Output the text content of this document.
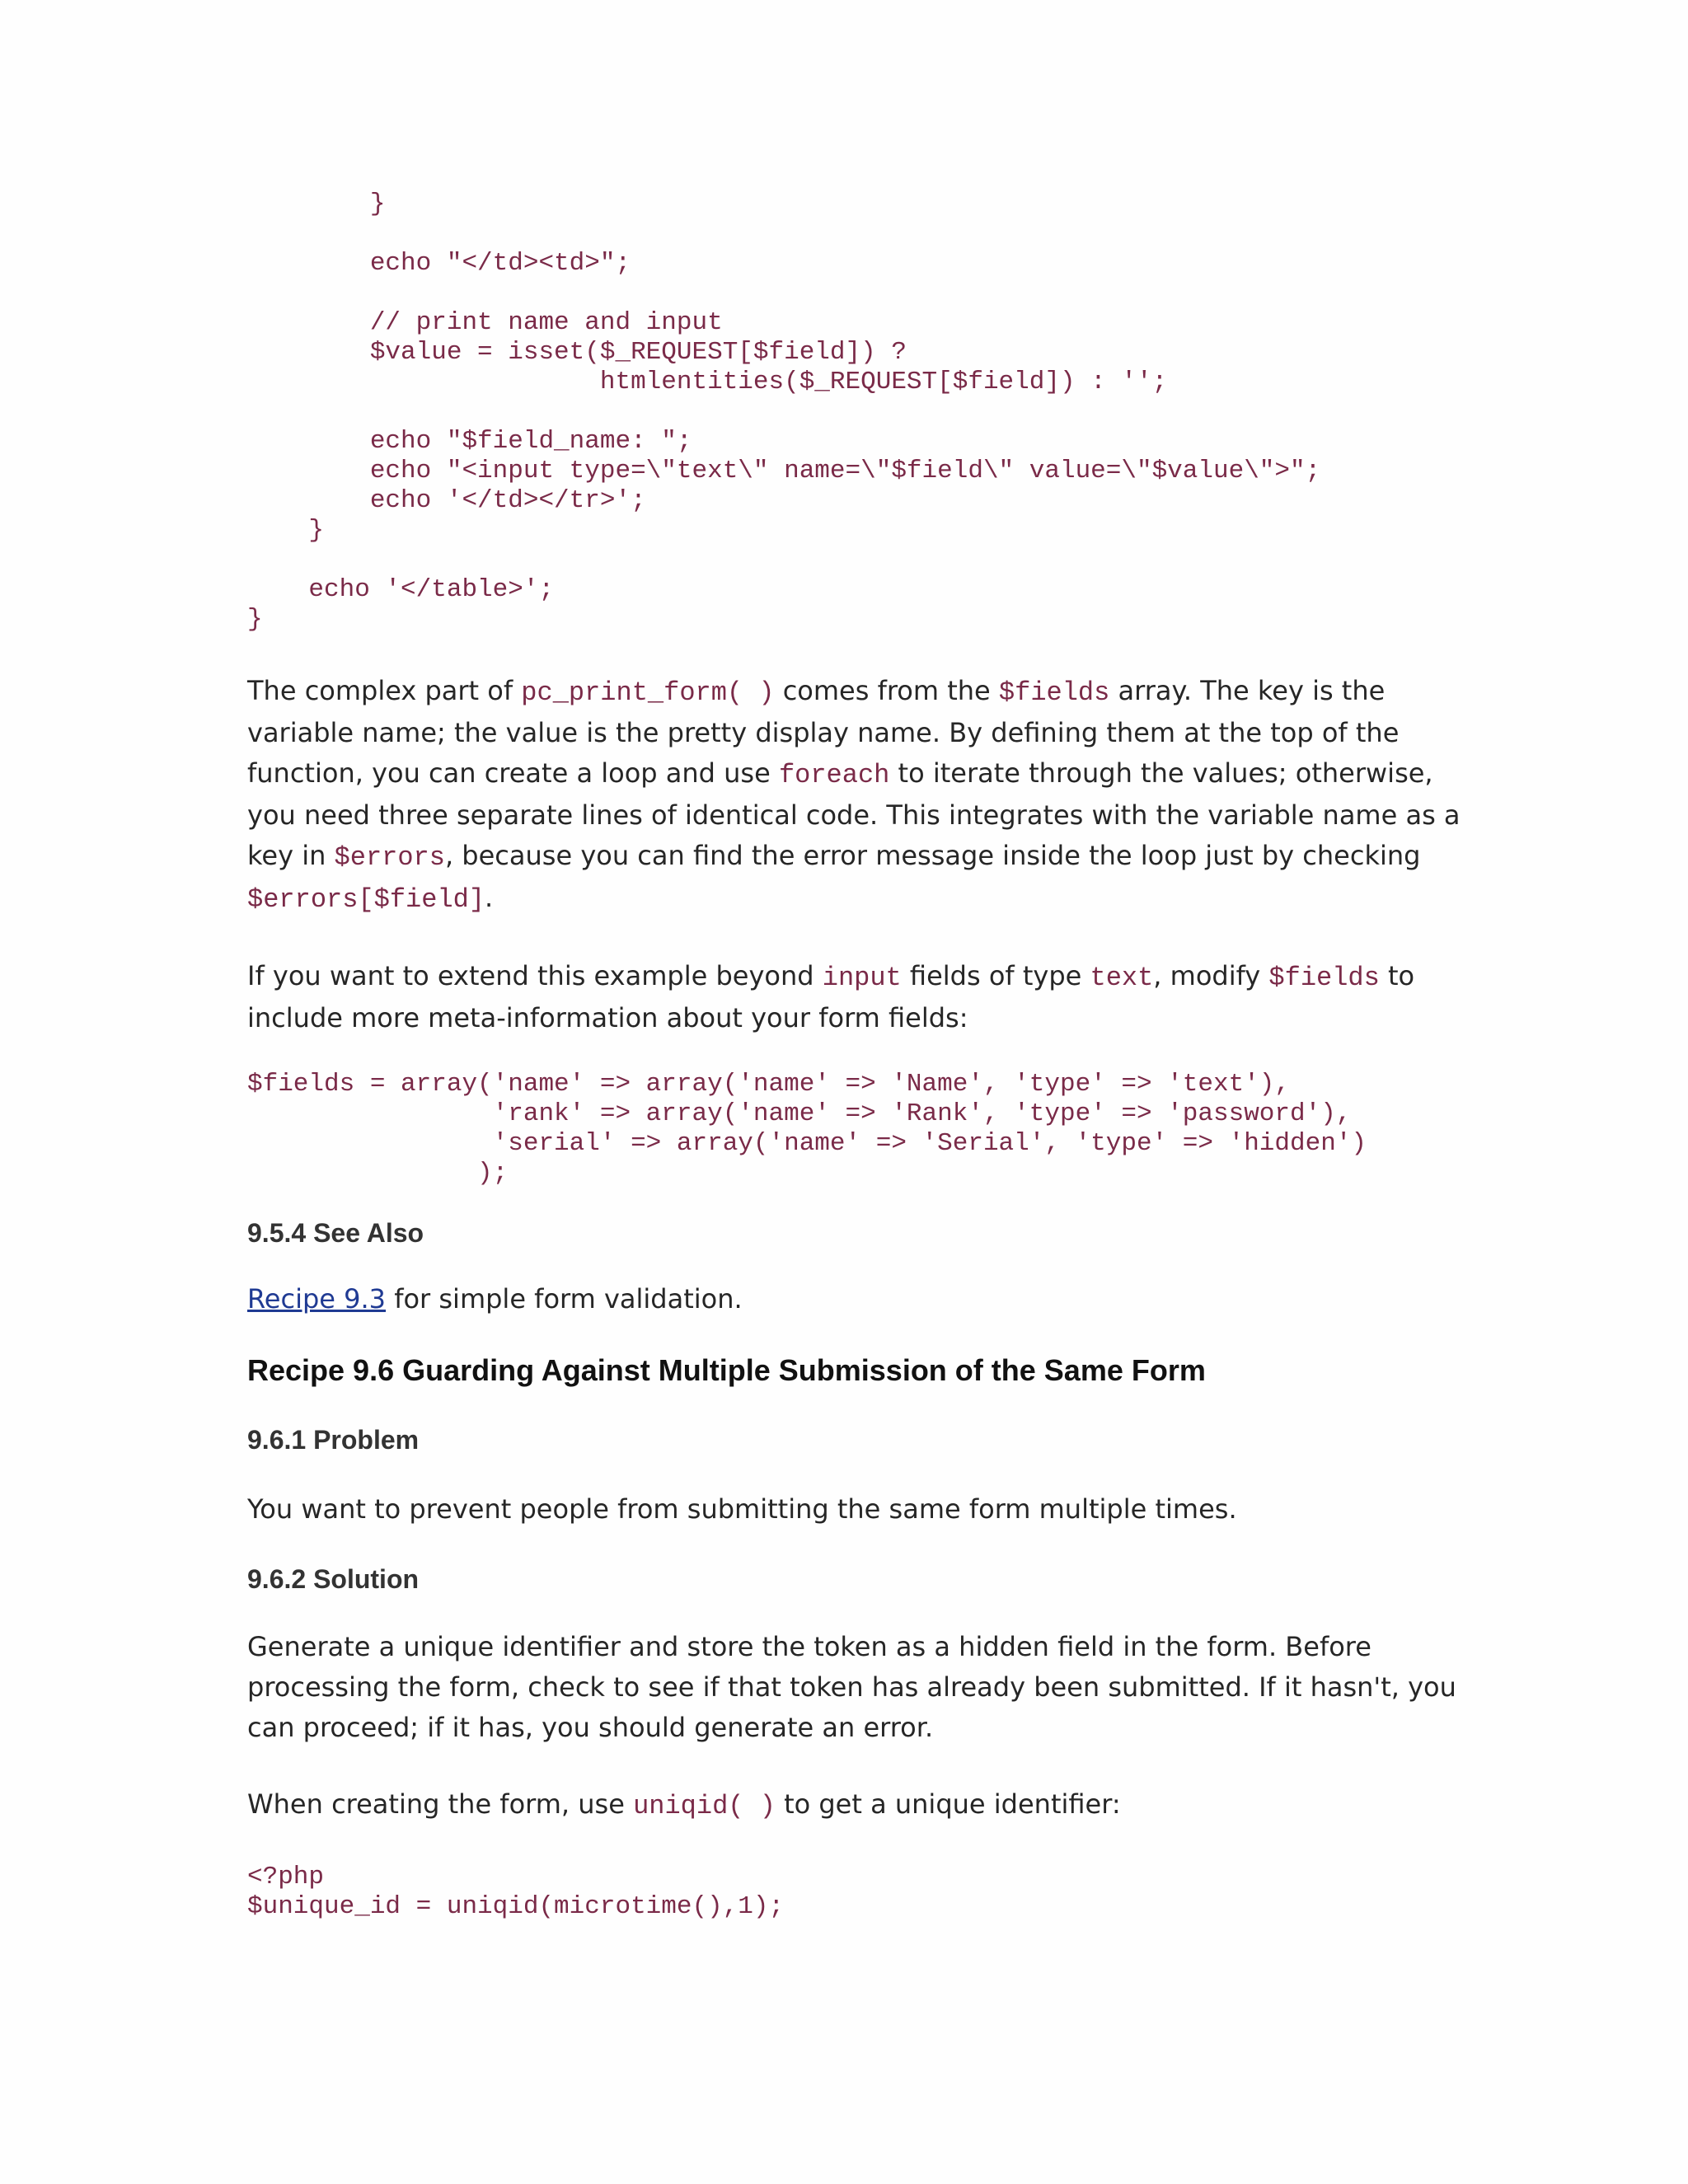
}

echo "</td><td>";

// print name and input
$value = isset($_REQUEST[$field]) ?
htmlentities($_REQUEST[$field]) : '';

echo "$field_name: ";
echo "<input type=\"text\" name=\"$field\" value=\"$value\">";
echo '</td></tr>';
}

echo '</table>';
}

The complex part of pc_print_form( ) comes from the $fields array. The key is the variable name; the value is the pretty display name. By defining them at the top of the function, you can create a loop and use foreach to iterate through the values; otherwise, you need three separate lines of identical code. This integrates with the variable name as a key in $errors, because you can find the error message inside the loop just by checking $errors[$field].

If you want to extend this example beyond input fields of type text, modify $fields to include more meta-information about your form fields:

$fields = array('name' => array('name' => 'Name', 'type' => 'text'),
'rank' => array('name' => 'Rank', 'type' => 'password'),
'serial' => array('name' => 'Serial', 'type' => 'hidden')
);

9.5.4 See Also

Recipe 9.3 for simple form validation.

Recipe 9.6 Guarding Against Multiple Submission of the Same Form

9.6.1 Problem

You want to prevent people from submitting the same form multiple times.

9.6.2 Solution

Generate a unique identifier and store the token as a hidden field in the form. Before processing the form, check to see if that token has already been submitted. If it hasn't, you can proceed; if it has, you should generate an error.

When creating the form, use uniqid( ) to get a unique identifier:

<?php
$unique_id = uniqid(microtime(),1);
